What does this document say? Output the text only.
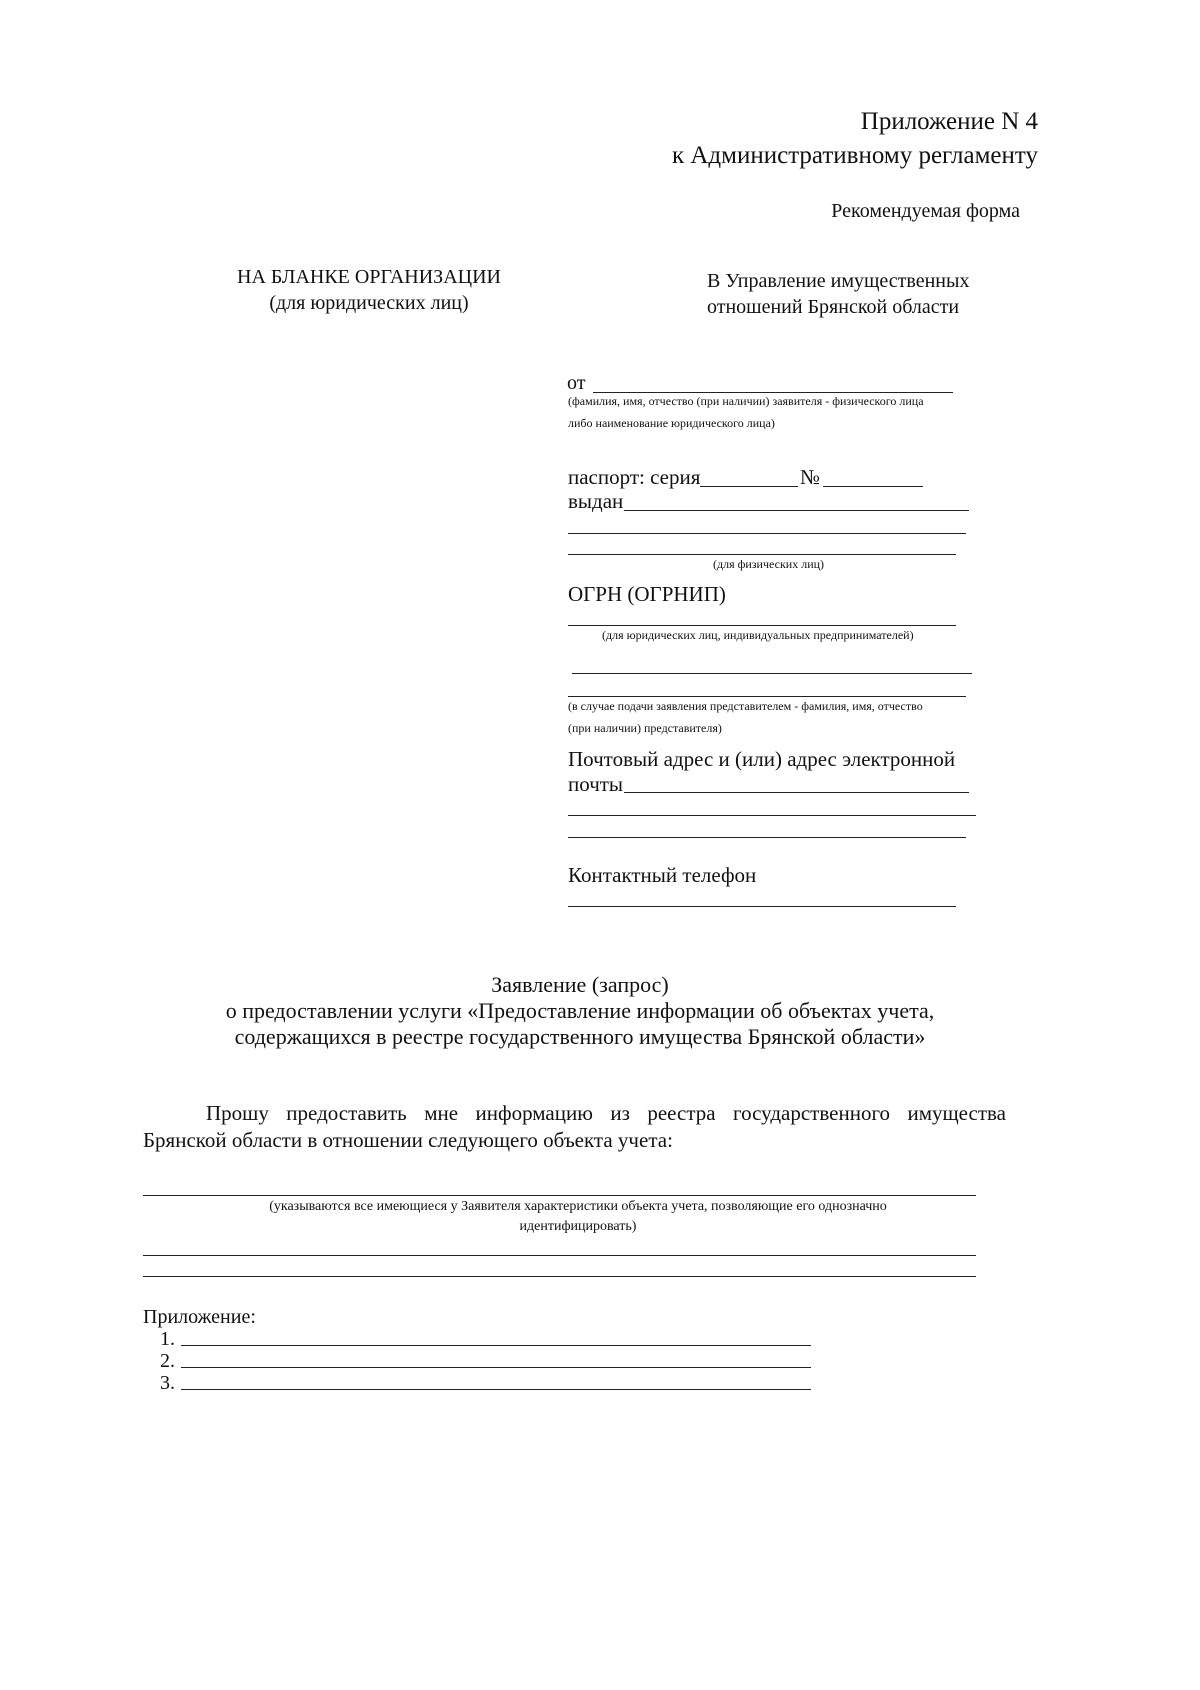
Приложение N 4
к Административному регламенту
Рекомендуемая форма
НА БЛАНКЕ ОРГАНИЗАЦИИ
(для юридических лиц)
В Управление имущественных
отношений Брянской области
от
(фамилия, имя, отчество (при наличии) заявителя - физического лица
либо наименование юридического лица)
паспорт: серия	№
выдан
(для физических лиц)
ОГРН (ОГРНИП)
(для юридических лиц, индивидуальных предпринимателей)
(в случае подачи заявления представителем - фамилия, имя, отчество
(при наличии) представителя)
Почтовый адрес и (или) адрес электронной
почты
Контактный телефон
Заявление (запрос)
о предоставлении услуги «Предоставление информации об объектах учета,
содержащихся в реестре государственного имущества Брянской области»
Прошу предоставить мне информацию из реестра государственного имущества
Брянской области в отношении следующего объекта учета:
(указываются все имеющиеся у Заявителя характеристики объекта учета, позволяющие его однозначно
идентифицировать)
Приложение:
1.
2.
3.
